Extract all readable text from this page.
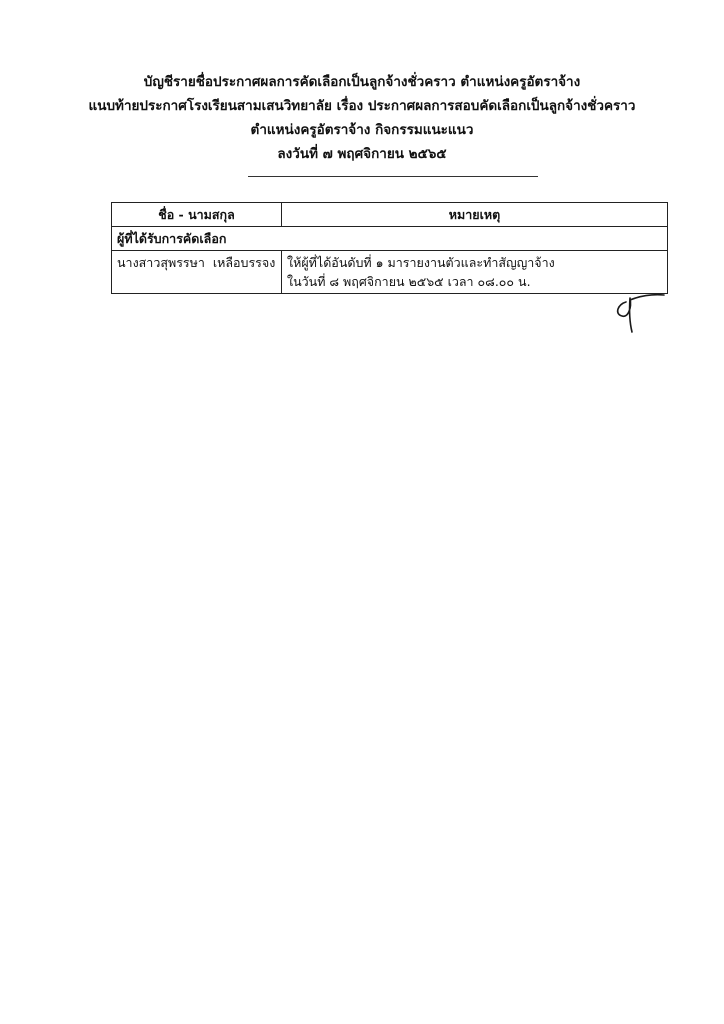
บัญชีรายชื่อประกาศผลการคัดเลือกเป็นลูกจ้างชั่วคราว ตำแหน่งครูอัตราจ้าง
แนบท้ายประกาศโรงเรียนสามเสนวิทยาลัย เรื่อง ประกาศผลการสอบคัดเลือกเป็นลูกจ้างชั่วคราว
ตำแหน่งครูอัตราจ้าง กิจกรรมแนะแนว
ลงวันที่ ๗ พฤศจิกายน ๒๕๖๕
ชื่อ - นามสกุล	หมายเหตุ
ผู้ที่ได้รับการคัดเลือก	
นางสาวสุพรรษา  เหลือบรรจง	ให้ผู้ที่ได้อันดับที่ ๑ มารายงานตัวและทำสัญญาจ้าง
ในวันที่ ๘ พฤศจิกายน ๒๕๖๕ เวลา ๐๘.๐๐ น.
